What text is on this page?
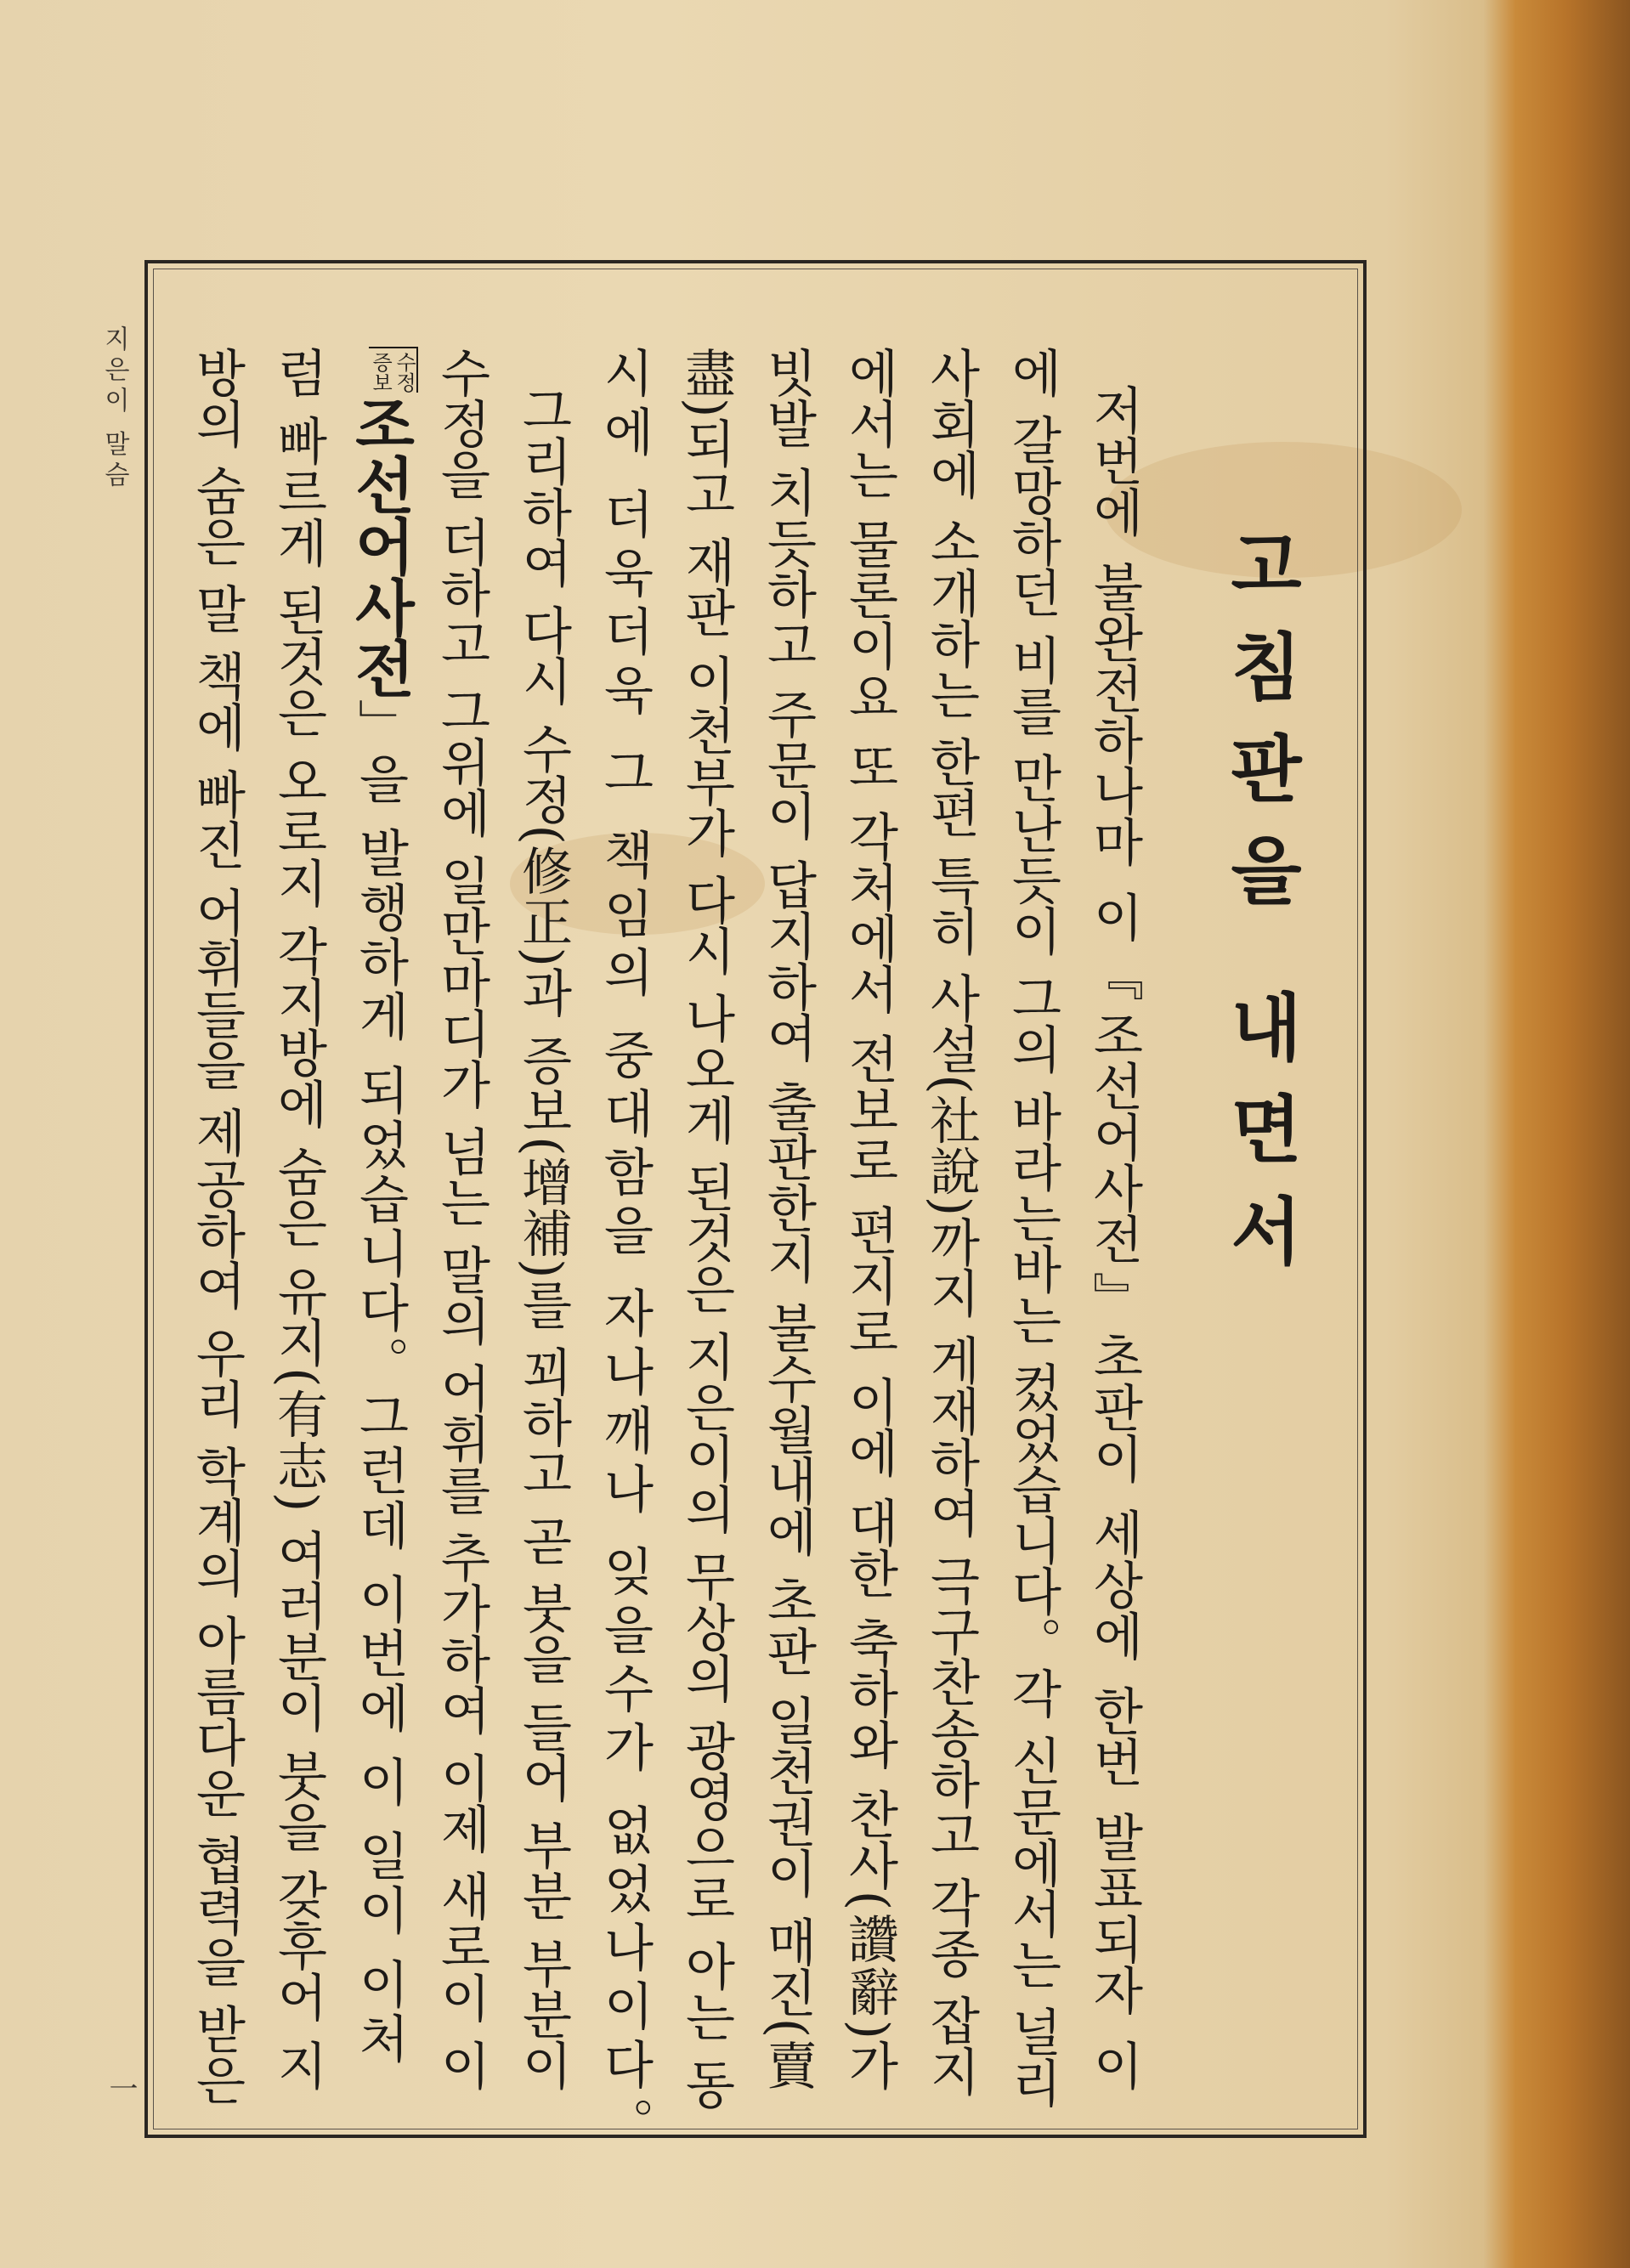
지은이 말슴
一
고침판을 내면서
저번에 불완전하나마 이『조선어사전』초판이 세상에 한번 발표되자 이
에 갈망하던 비를 만난듯이 그의 바라는바는 컸었습니다。각 신문에서는 널리
사회에 소개하는 한편 특히 사설(社說)까지 게재하여 극구찬송하고 각종 잡지
에서는 물론이요 또 각처에서 전보로 편지로 이에 대한 축하와 찬사(讚辭)가
빗발 치듯하고 주문이 답지하여 출판한지 불수월내에 초판 일천권이 매진(賣
盡)되고 재판 이천부가 다시 나오게 된것은 지은이의 무상의 광영으로 아는 동
시에 더욱더욱 그 책임의 중대함을 자나깨나 잊을수가 없었나이다。
그리하여 다시 수정(修正)과 증보(增補)를 꾀하고 곧 붓을 들어 부분 부분이
수정을 더하고 그위에 일만마디가 넘는 말의 어휘를 추가하여 이제 새로이 이
수정
증보
조선어사전」을 발행하게 되었습니다。그런데 이번에 이 일이 이처
럼 빠르게 된것은 오로지 각지방에 숨은 유지(有志) 여러분이 붓을 갖후어 지
방의 숨은 말 책에 빠진 어휘들을 제공하여 우리 학계의 아름다운 협력을 받은
